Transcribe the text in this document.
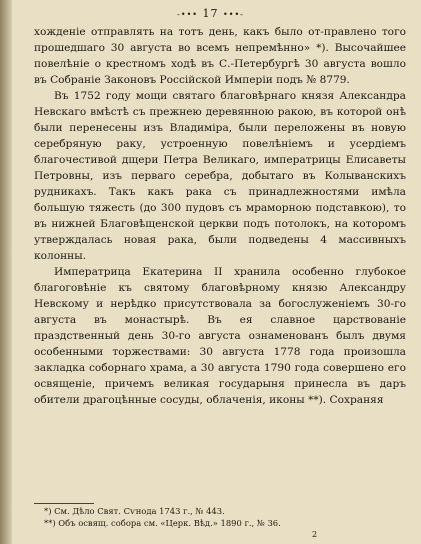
-••• 17 •••-

хожденіе отправлять на тотъ день, какъ было от-правлено того прошедшаго 30 августа во всемъ непремѣнно» *). Высочайшее повелѣніе о крестномъ ходѣ въ С.-Петербургѣ 30 августа вошло въ Собраніе Законовъ Россійской Имперіи подъ № 8779.

Въ 1752 году мощи святаго благовѣрнаго князя Александра Невскаго вмѣстѣ съ прежнею деревянною ракою, въ которой онѣ были перенесены изъ Владиміра, были переложены въ новую серебряную раку, устроенную повелѣніемъ и усердіемъ благочестивой дщери Петра Великаго, императрицы Елисаветы Петровны, изъ перваго серебра, добытаго въ Колыванскихъ рудникахъ. Такъ какъ рака съ принадлежностями имѣла большую тяжесть (до 300 пудовъ съ мраморною подставкою), то въ нижней Благовѣщенской церкви подъ потолокъ, на которомъ утверждалась новая рака, были подведены 4 массивныхъ колонны.

Императрица Екатерина II хранила особенно глубокое благоговѣніе къ святому благовѣрному князю Александру Невскому и нерѣдко присутствовала за богослуженіемъ 30-го августа въ монастырѣ. Въ ея славное царствованіе праздственный день 30-го августа ознаменованъ былъ двумя особенными торжествами: 30 августа 1778 года произошла закладка соборнаго храма, а 30 августа 1790 года совершено его освященіе, причемъ великая государыня принесла въ даръ обители драгоцѣнные сосуды, облаченія, иконы **). Сохраняя

*) См. Дѣло Свят. Сѵнода 1743 г., № 443.

**) Объ освящ. собора см. «Церк. Вѣд.» 1890 г., № 36.

2
